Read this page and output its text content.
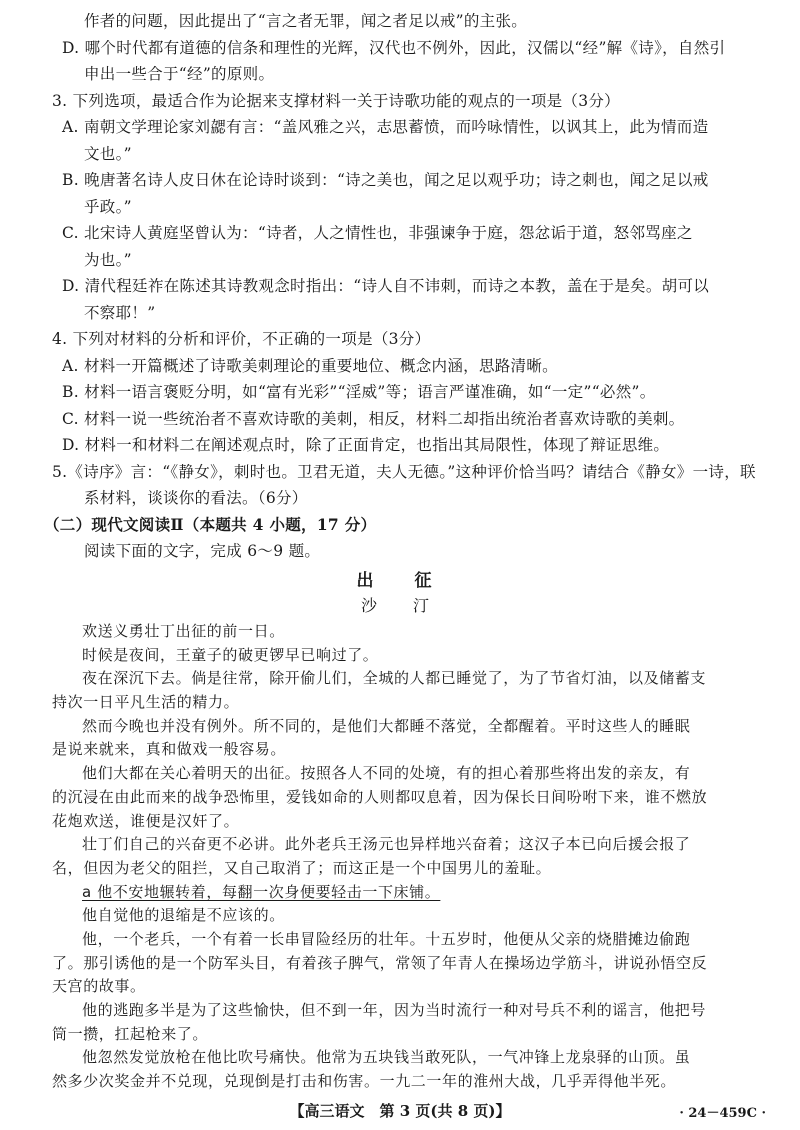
作者的问题，因此提出了“言之者无罪，闻之者足以戒”的主张。

D. 哪个时代都有道德的信条和理性的光辉，汉代也不例外，因此，汉儒以“经”解《诗》，自然引

申出一些合于“经”的原则。

3. 下列选项，最适合作为论据来支撑材料一关于诗歌功能的观点的一项是（3分）

A. 南朝文学理论家刘勰有言：“盖风雅之兴，志思蓄愤，而吟咏情性，以讽其上，此为情而造

文也。”

B. 晚唐著名诗人皮日休在论诗时谈到：“诗之美也，闻之足以观乎功；诗之刺也，闻之足以戒

乎政。”

C. 北宋诗人黄庭坚曾认为：“诗者，人之情性也，非强谏争于庭，怨忿诟于道，怒邻骂座之

为也。”

D. 清代程廷祚在陈述其诗教观念时指出：“诗人自不讳刺，而诗之本教，盖在于是矣。胡可以

不察耶！”

4. 下列对材料的分析和评价，不正确的一项是（3分）

A. 材料一开篇概述了诗歌美刺理论的重要地位、概念内涵，思路清晰。

B. 材料一语言褒贬分明，如“富有光彩”“淫威”等；语言严谨准确，如“一定”“必然”。

C. 材料一说一些统治者不喜欢诗歌的美刺，相反，材料二却指出统治者喜欢诗歌的美刺。

D. 材料一和材料二在阐述观点时，除了正面肯定，也指出其局限性，体现了辩证思维。

5.《诗序》言：“《静女》，刺时也。卫君无道，夫人无德。”这种评价恰当吗？请结合《静女》一诗，联

系材料，谈谈你的看法。（6分）

（二）现代文阅读Ⅱ（本题共 4 小题，17 分）

阅读下面的文字，完成 6～9 题。

出　征
沙　汀

欢送义勇壮丁出征的前一日。

时候是夜间，王童子的破更锣早已响过了。

夜在深沉下去。倘是往常，除开偷儿们，全城的人都已睡觉了，为了节省灯油，以及储蓄支

持次一日平凡生活的精力。

然而今晚也并没有例外。所不同的，是他们大都睡不落觉，全都醒着。平时这些人的睡眠

是说来就来，真和做戏一般容易。

他们大都在关心着明天的出征。按照各人不同的处境，有的担心着那些将出发的亲友，有

的沉浸在由此而来的战争恐怖里，爱钱如命的人则都叹息着，因为保长日间吩咐下来，谁不燃放

花炮欢送，谁便是汉奸了。

壮丁们自己的兴奋更不必讲。此外老兵王汤元也异样地兴奋着；这汉子本已向后援会报了

名，但因为老父的阻拦，又自己取消了；而这正是一个中国男儿的羞耻。

a 他不安地辗转着，每翻一次身便要轻击一下床铺。

他自觉他的退缩是不应该的。

他，一个老兵，一个有着一长串冒险经历的壮年。十五岁时，他便从父亲的烧腊摊边偷跑

了。那引诱他的是一个防军头目，有着孩子脾气，常领了年青人在操场边学筋斗，讲说孙悟空反

天宫的故事。

他的逃跑多半是为了这些愉快，但不到一年，因为当时流行一种对号兵不利的谣言，他把号

筒一攒，扛起枪来了。

他忽然发觉放枪在他比吹号痛快。他常为五块钱当敢死队，一气冲锋上龙泉驿的山顶。虽

然多少次奖金并不兑现，兑现倒是打击和伤害。一九二一年的淮州大战，几乎弄得他半死。

【高三语文　第 3 页(共 8 页)】	· 24－459C ·
